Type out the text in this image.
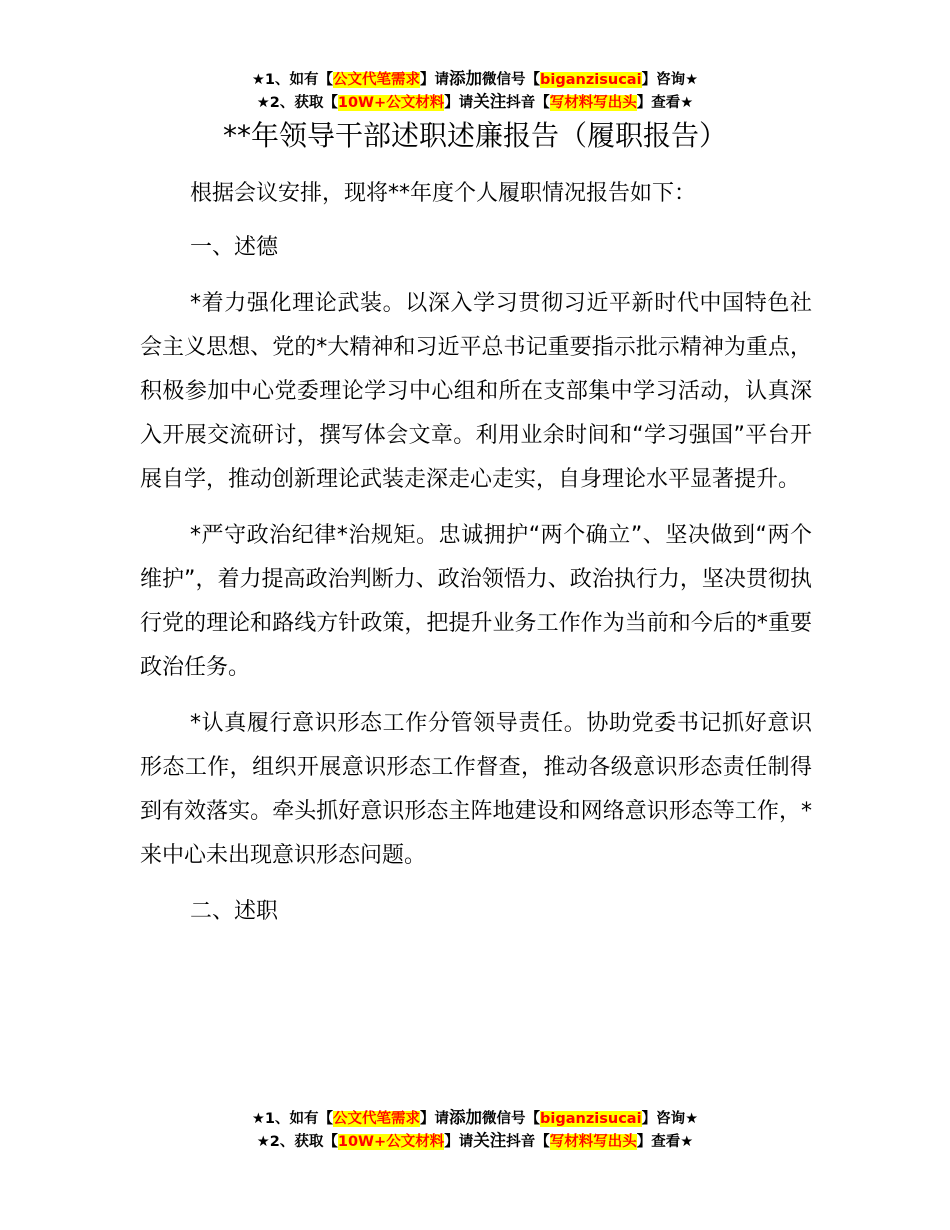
★1、如有【公文代笔需求】请添加微信号【biganzisucai】咨询★
★2、获取【10W+公文材料】请关注抖音【写材料写出头】查看★
**年领导干部述职述廉报告（履职报告）

根据会议安排，现将**年度个人履职情况报告如下：

一、述德

*着力强化理论武装。以深入学习贯彻习近平新时代中国特色社会主义思想、党的*大精神和习近平总书记重要指示批示精神为重点，积极参加中心党委理论学习中心组和所在支部集中学习活动，认真深入开展交流研讨，撰写体会文章。利用业余时间和“学习强国”平台开展自学，推动创新理论武装走深走心走实，自身理论水平显著提升。

*严守政治纪律*治规矩。忠诚拥护“两个确立”、坚决做到“两个维护”，着力提高政治判断力、政治领悟力、政治执行力，坚决贯彻执行党的理论和路线方针政策，把提升业务工作作为当前和今后的*重要政治任务。

*认真履行意识形态工作分管领导责任。协助党委书记抓好意识形态工作，组织开展意识形态工作督查，推动各级意识形态责任制得到有效落实。牵头抓好意识形态主阵地建设和网络意识形态等工作，*来中心未出现意识形态问题。

二、述职

★1、如有【公文代笔需求】请添加微信号【biganzisucai】咨询★
★2、获取【10W+公文材料】请关注抖音【写材料写出头】查看★
